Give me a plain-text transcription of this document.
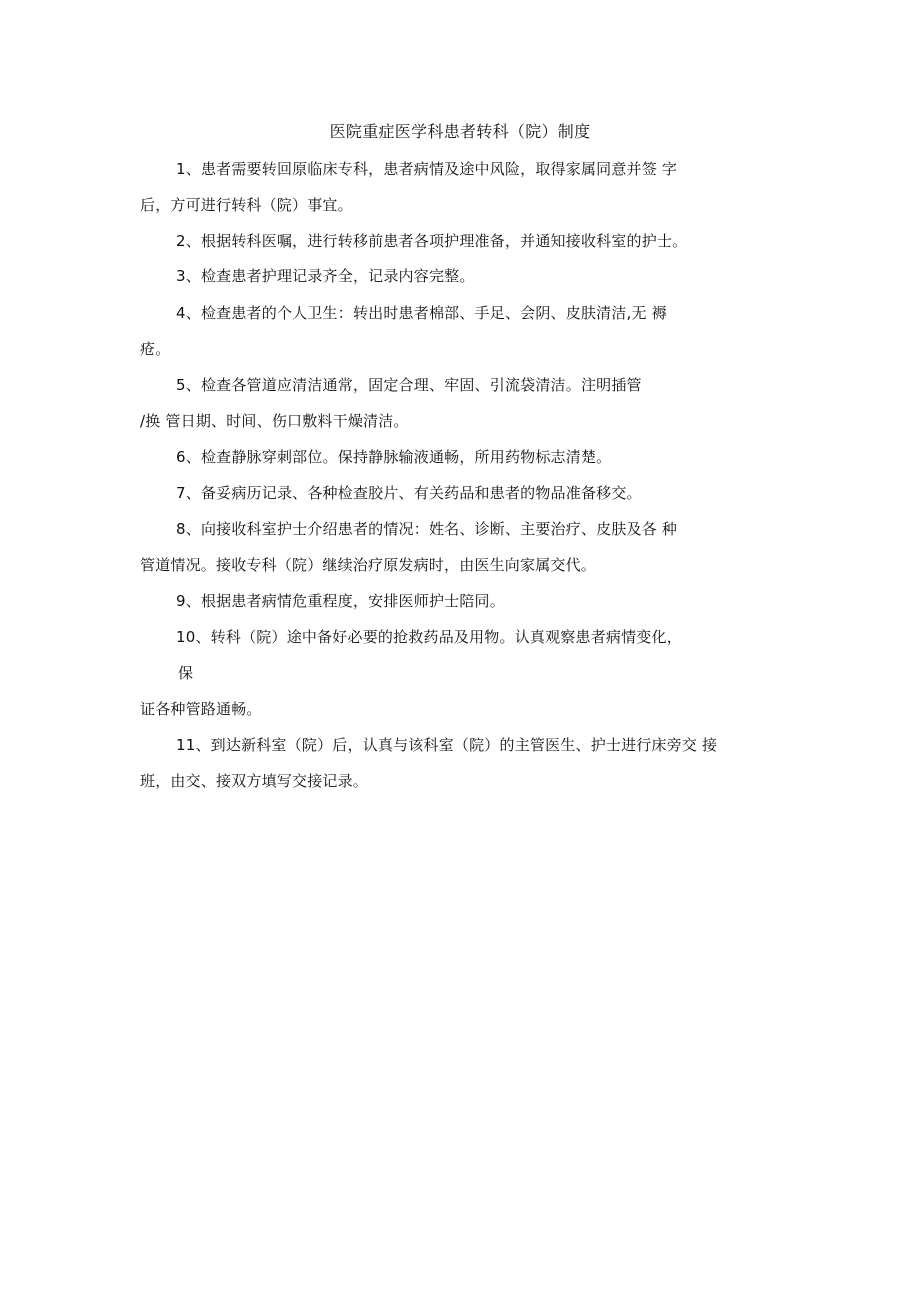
医院重症医学科患者转科（院）制度
1、患者需要转回原临床专科，患者病情及途中风险，取得家属同意并签 字
后，方可进行转科（院）事宜。
2、根据转科医嘱，进行转移前患者各项护理准备，并通知接收科室的护士。
3、检查患者护理记录齐全，记录内容完整。
4、检查患者的个人卫生：转出时患者棉部、手足、会阴、皮肤清洁,无 褥
疮。
5、检查各管道应清洁通常，固定合理、牢固、引流袋清洁。注明插管
/换 管日期、时间、伤口敷料干燥清洁。
6、检查静脉穿刺部位。保持静脉输液通畅，所用药物标志清楚。
7、备妥病历记录、各种检查胶片、有关药品和患者的物品准备移交。
8、向接收科室护士介绍患者的情况：姓名、诊断、主要治疗、皮肤及各 种
管道情况。接收专科（院）继续治疗原发病时，由医生向家属交代。
9、根据患者病情危重程度，安排医师护士陪同。
10、转科（院）途中备好必要的抢救药品及用物。认真观察患者病情变化，
保
证各种管路通畅。
11、到达新科室（院）后，认真与该科室（院）的主管医生、护士进行床旁交 接
班，由交、接双方填写交接记录。
